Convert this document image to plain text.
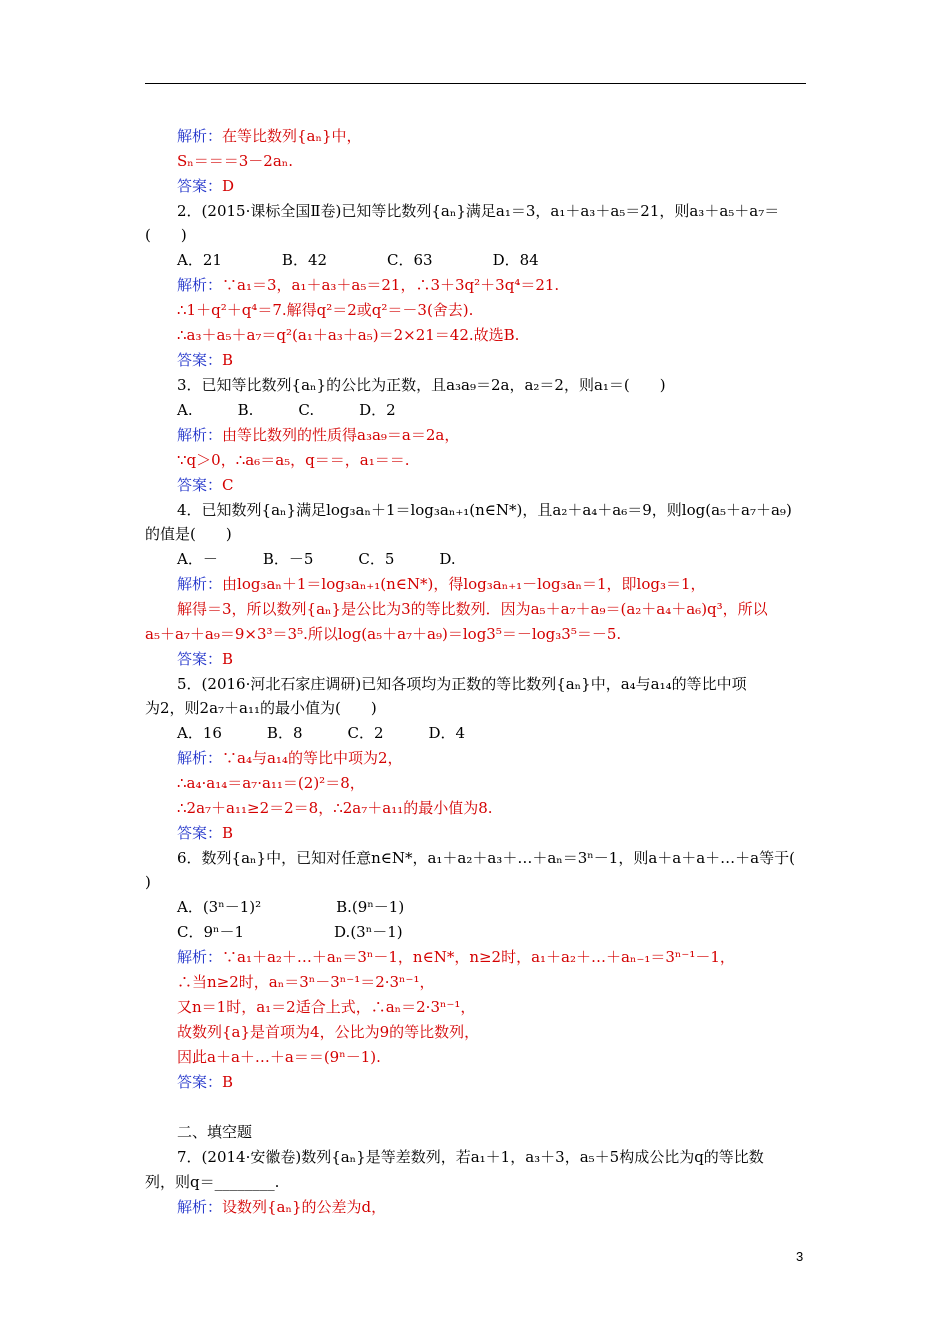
解析：在等比数列{aₙ}中，
Sₙ＝＝＝3－2aₙ.
答案：D
2．(2015·课标全国Ⅱ卷)已知等比数列{aₙ}满足a₁＝3，a₁＋a₃＋a₅＝21，则a₃＋a₅＋a₇＝
(　　)
A．21　　　　B．42　　　　C．63　　　　D．84
解析：∵a₁＝3，a₁＋a₃＋a₅＝21，∴3＋3q²＋3q⁴＝21.
∴1＋q²＋q⁴＝7.解得q²＝2或q²＝－3(舍去).
∴a₃＋a₅＋a₇＝q²(a₁＋a₃＋a₅)＝2×21＝42.故选B.
答案：B
3．已知等比数列{aₙ}的公比为正数，且a₃a₉＝2a，a₂＝2，则a₁＝(　　)
A.　　　B.　　　C.　　　D．2
解析：由等比数列的性质得a₃a₉＝a＝2a，
∵q＞0，∴a₆＝a₅，q＝＝，a₁＝＝.
答案：C
4．已知数列{aₙ}满足log₃aₙ＋1＝log₃aₙ₊₁(n∈N*)，且a₂＋a₄＋a₆＝9，则log(a₅＋a₇＋a₉)
的值是(　　)
A．－　　　B．－5　　　C．5　　　D.
解析：由log₃aₙ＋1＝log₃aₙ₊₁(n∈N*)，得log₃aₙ₊₁－log₃aₙ＝1，即log₃＝1，
解得＝3，所以数列{aₙ}是公比为3的等比数列．因为a₅＋a₇＋a₉＝(a₂＋a₄＋a₆)q³，所以
a₅＋a₇＋a₉＝9×3³＝3⁵.所以log(a₅＋a₇＋a₉)＝log3⁵＝－log₃3⁵＝－5.
答案：B
5．(2016·河北石家庄调研)已知各项均为正数的等比数列{aₙ}中，a₄与a₁₄的等比中项
为2，则2a₇＋a₁₁的最小值为(　　)
A．16　　　B．8　　　C．2　　　D．4
解析：∵a₄与a₁₄的等比中项为2，
∴a₄·a₁₄＝a₇·a₁₁＝(2)²＝8，
∴2a₇＋a₁₁≥2＝2＝8，∴2a₇＋a₁₁的最小值为8.
答案：B
6．数列{aₙ}中，已知对任意n∈N*，a₁＋a₂＋a₃＋…＋aₙ＝3ⁿ－1，则a＋a＋a＋…＋a等于(
)
A．(3ⁿ－1)²　　　　　B.(9ⁿ－1)
C．9ⁿ－1　　　　　　D.(3ⁿ－1)
解析：∵a₁＋a₂＋…＋aₙ＝3ⁿ－1，n∈N*，n≥2时，a₁＋a₂＋…＋aₙ₋₁＝3ⁿ⁻¹－1，
∴当n≥2时，aₙ＝3ⁿ－3ⁿ⁻¹＝2·3ⁿ⁻¹，
又n＝1时，a₁＝2适合上式，∴aₙ＝2·3ⁿ⁻¹，
故数列{a}是首项为4，公比为9的等比数列，
因此a＋a＋…＋a＝＝(9ⁿ－1).
答案：B
二、填空题
7．(2014·安徽卷)数列{aₙ}是等差数列，若a₁＋1，a₃＋3，a₅＋5构成公比为q的等比数
列，则q＝________.
解析：设数列{aₙ}的公差为d，
3
